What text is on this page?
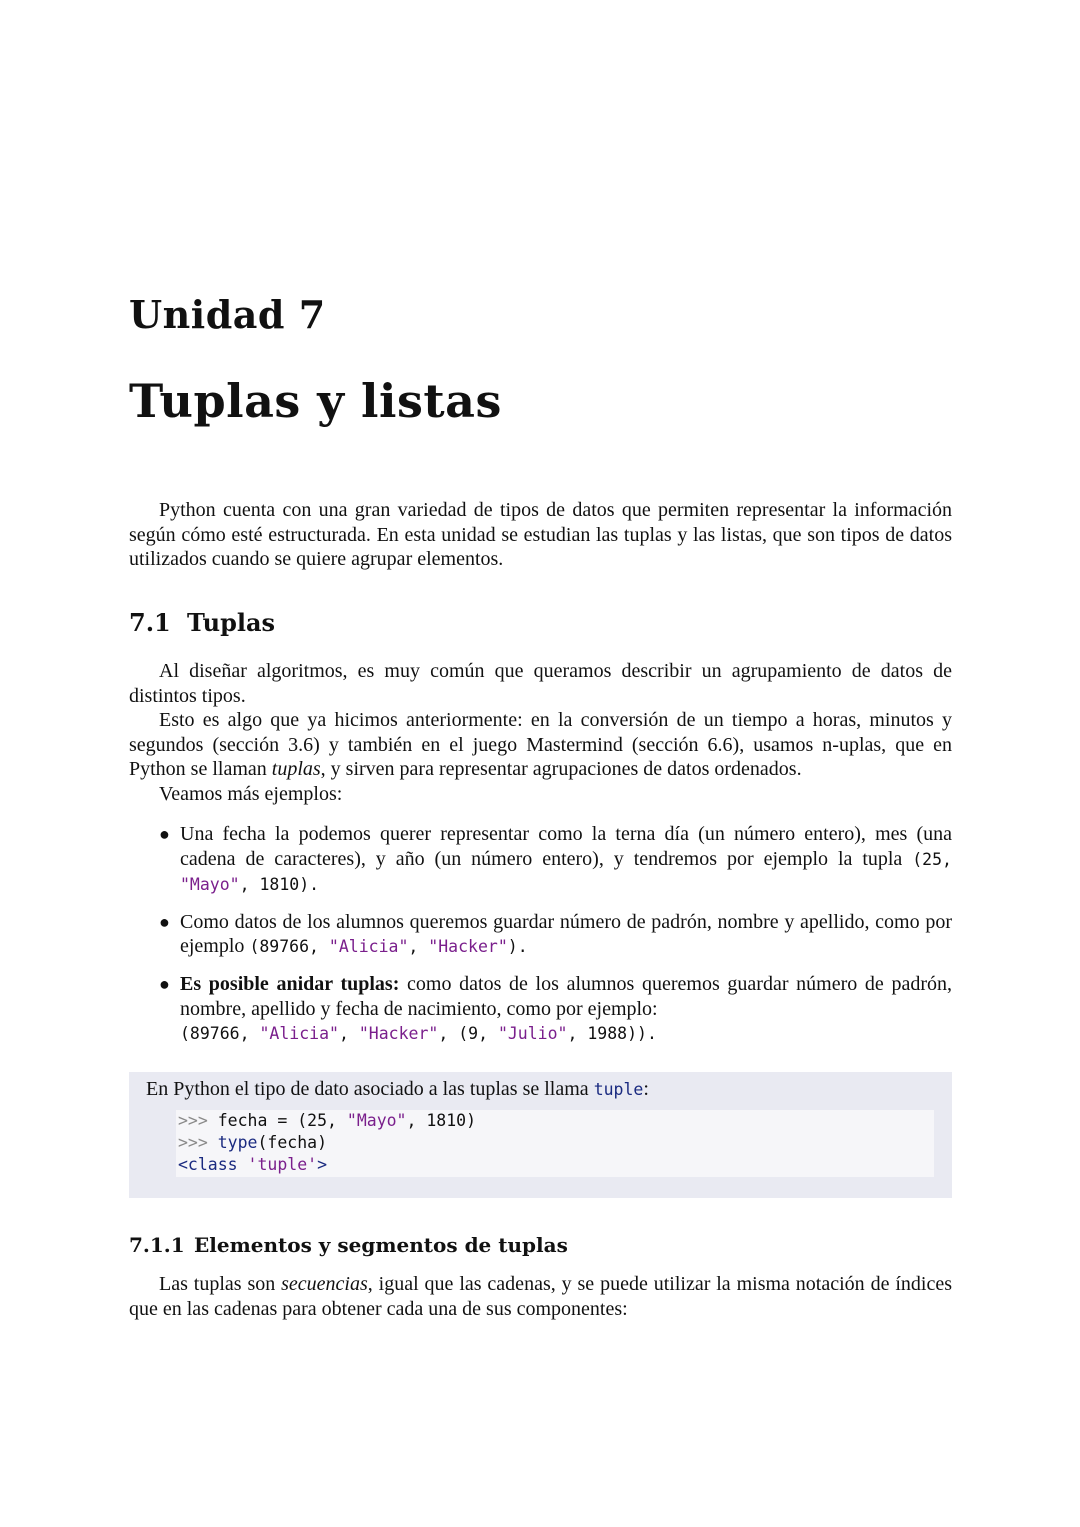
Unidad 7
Tuplas y listas

Python cuenta con una gran variedad de tipos de datos que permiten representar la información según cómo esté estructurada. En esta unidad se estudian las tuplas y las listas, que son tipos de datos utilizados cuando se quiere agrupar elementos.

7.1 Tuplas

Al diseñar algoritmos, es muy común que queramos describir un agrupamiento de datos de distintos tipos.

Esto es algo que ya hicimos anteriormente: en la conversión de un tiempo a horas, minutos y segundos (sección 3.6) y también en el juego Mastermind (sección 6.6), usamos n-uplas, que en Python se llaman tuplas, y sirven para representar agrupaciones de datos ordenados.

Veamos más ejemplos:

● Una fecha la podemos querer representar como la terna día (un número entero), mes (una cadena de caracteres), y año (un número entero), y tendremos por ejemplo la tupla (25, "Mayo", 1810).
● Como datos de los alumnos queremos guardar número de padrón, nombre y apellido, como por ejemplo (89766, "Alicia", "Hacker").
● Es posible anidar tuplas: como datos de los alumnos queremos guardar número de padrón, nombre, apellido y fecha de nacimiento, como por ejemplo:
(89766, "Alicia", "Hacker", (9, "Julio", 1988)).
En Python el tipo de dato asociado a las tuplas se llama tuple:
>>> fecha = (25, "Mayo", 1810)
>>> type(fecha)
<class 'tuple'>
7.1.1 Elementos y segmentos de tuplas

Las tuplas son secuencias, igual que las cadenas, y se puede utilizar la misma notación de índices que en las cadenas para obtener cada una de sus componentes:
